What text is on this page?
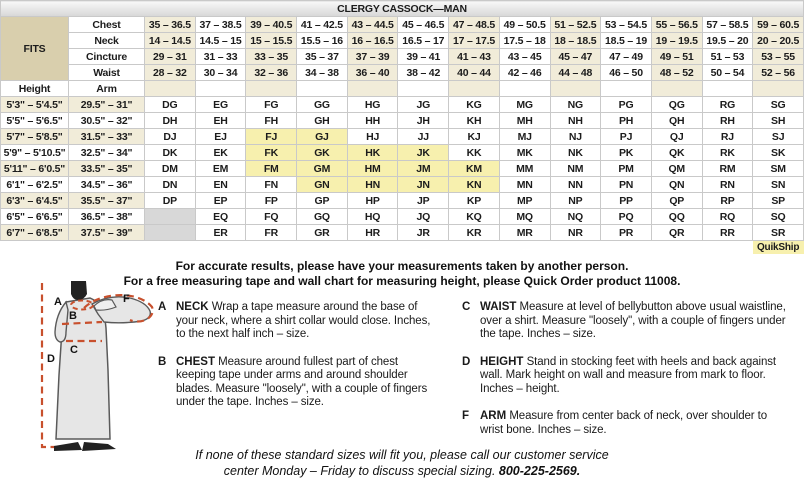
CLERGY CASSOCK—MAN														
FITS	Chest	35 – 36.5	37 – 38.5	39 – 40.5	41 – 42.5	43 – 44.5	45 – 46.5	47 – 48.5	49 – 50.5	51 – 52.5	53 – 54.5	55 – 56.5	57 – 58.5	59 – 60.5
	Neck	14 – 14.5	14.5 – 15	15 – 15.5	15.5 – 16	16 – 16.5	16.5 – 17	17 – 17.5	17.5 – 18	18 – 18.5	18.5 – 19	19 – 19.5	19.5 – 20	20 – 20.5
	Cincture	29 – 31	31 – 33	33 – 35	35 – 37	37 – 39	39 – 41	41 – 43	43 – 45	45 – 47	47 – 49	49 – 51	51 – 53	53 – 55
	Waist	28 – 32	30 – 34	32 – 36	34 – 38	36 – 40	38 – 42	40 – 44	42 – 46	44 – 48	46 – 50	48 – 52	50 – 54	52 – 56
Height	Arm													
5'3" – 5'4.5"	29.5" – 31"	DG	EG	FG	GG	HG	JG	KG	MG	NG	PG	QG	RG	SG
5'5" – 5'6.5"	30.5" – 32"	DH	EH	FH	GH	HH	JH	KH	MH	NH	PH	QH	RH	SH
5'7" – 5'8.5"	31.5" – 33"	DJ	EJ	FJ	GJ	HJ	JJ	KJ	MJ	NJ	PJ	QJ	RJ	SJ
5'9" – 5'10.5"	32.5" – 34"	DK	EK	FK	GK	HK	JK	KK	MK	NK	PK	QK	RK	SK
5'11" – 6'0.5"	33.5" – 35"	DM	EM	FM	GM	HM	JM	KM	MM	NM	PM	QM	RM	SM
6'1" – 6'2.5"	34.5" – 36"	DN	EN	FN	GN	HN	JN	KN	MN	NN	PN	QN	RN	SN
6'3" – 6'4.5"	35.5" – 37"	DP	EP	FP	GP	HP	JP	KP	MP	NP	PP	QP	RP	SP
6'5" – 6'6.5"	36.5" – 38"		EQ	FQ	GQ	HQ	JQ	KQ	MQ	NQ	PQ	QQ	RQ	SQ
6'7" – 6'8.5"	37.5" – 39"		ER	FR	GR	HR	JR	KR	MR	NR	PR	QR	RR	SR
														QuikShip
For accurate results, please have your measurements taken by another person.
For a free measuring tape and wall chart for measuring height, please Quick Order product 11008.
A
B
C
D
F
A NECK Wrap a tape measure around the base of your neck, where a shirt collar would close. Inches, to the next half inch – size.

B CHEST Measure around fullest part of chest keeping tape under arms and around shoulder blades. Measure "loosely", with a couple of fingers under the tape. Inches – size.

C WAIST Measure at level of bellybutton above usual waistline, over a shirt. Measure "loosely", with a couple of fingers under the tape. Inches – size.

D HEIGHT Stand in stocking feet with heels and back against wall. Mark height on wall and measure from mark to floor. Inches – height.

F ARM Measure from center back of neck, over shoulder to wrist bone. Inches – size.

If none of these standard sizes will fit you, please call our customer service
center Monday – Friday to discuss special sizing. 800-225-2569.
